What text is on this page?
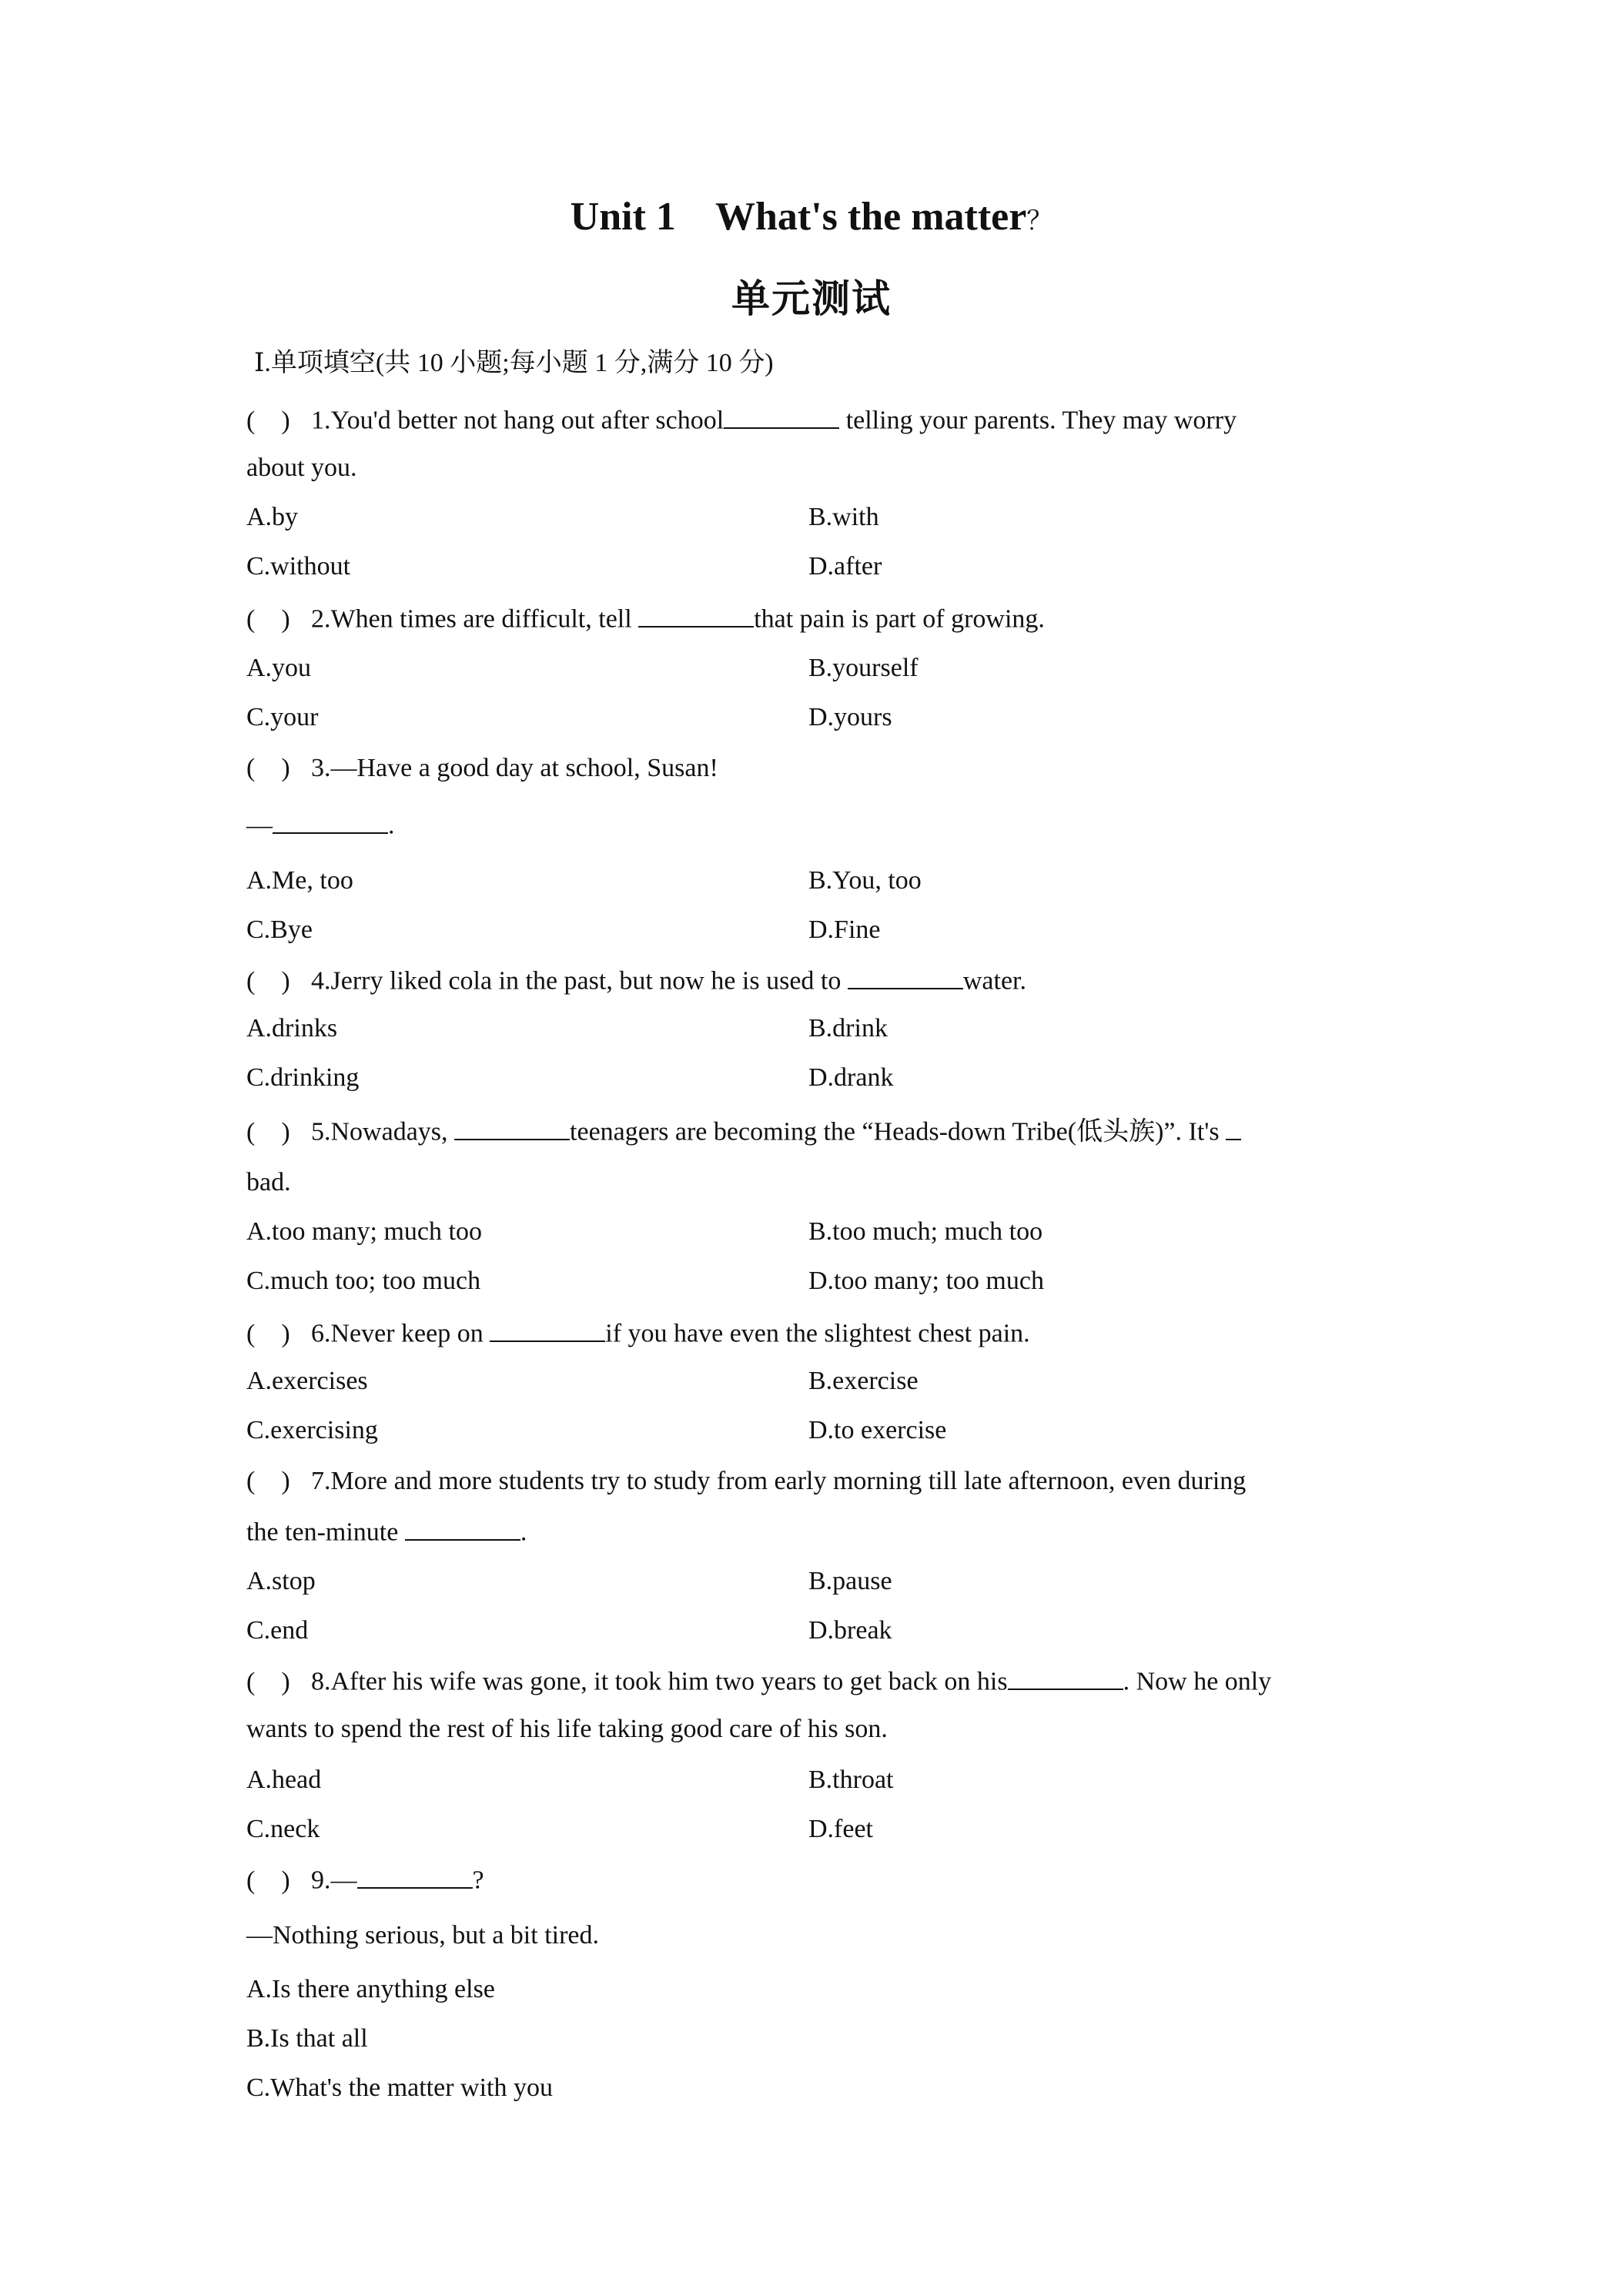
Unit 1 What's the matter？
单元测试
Ⅰ.单项填空(共 10 小题;每小题 1 分,满分 10 分)
( ) 1.You'd better not hang out after school	telling your parents. They may worry
about you.
A.by	B.with
C.without	D.after
( ) 2.When times are difficult, tell	that pain is part of growing.
A.you	B.yourself
C.your	D.yours
( ) 3.—Have a good day at school, Susan!
—	.
A.Me, too	B.You, too
C.Bye	D.Fine
( ) 4.Jerry liked cola in the past, but now he is used to	water.
A.drinks	B.drink
C.drinking	D.drank
( ) 5.Nowadays,	teenagers are becoming the “Heads-down Tribe(低头族)”. It's
bad.
A.too many; much too	B.too much; much too
C.much too; too much	D.too many; too much
( ) 6.Never keep on	if you have even the slightest chest pain.
A.exercises	B.exercise
C.exercising	D.to exercise
( ) 7.More and more students try to study from early morning till late afternoon, even during
the ten-minute	.
A.stop	B.pause
C.end	D.break
( ) 8.After his wife was gone, it took him two years to get back on his	. Now he only
wants to spend the rest of his life taking good care of his son.
A.head	B.throat
C.neck	D.feet
( ) 9.—	?
—Nothing serious, but a bit tired.
A.Is there anything else
B.Is that all
C.What's the matter with you
